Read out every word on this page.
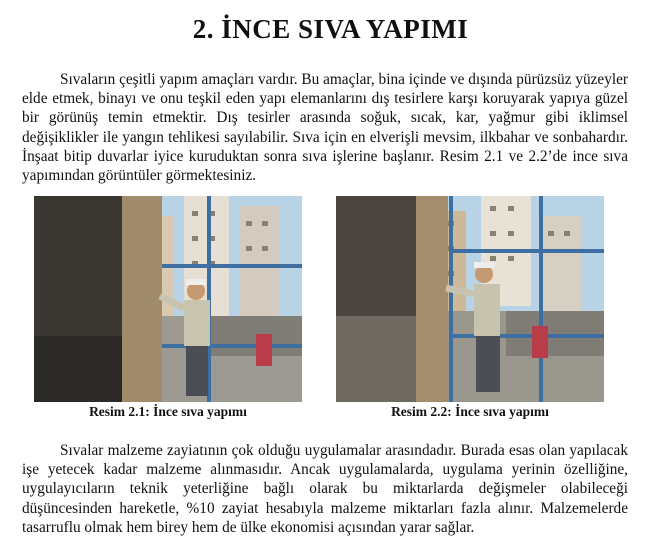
2. İNCE SIVA YAPIMI

Sıvaların çeşitli yapım amaçları vardır. Bu amaçlar, bina içinde ve dışında pürüzsüz yüzeyler elde etmek, binayı ve onu teşkil eden yapı elemanlarını dış tesirlere karşı koruyarak yapıya güzel bir görünüş temin etmektir. Dış tesirler arasında soğuk, sıcak, kar, yağmur gibi iklimsel değişiklikler ile yangın tehlikesi sayılabilir. Sıva için en elverişli mevsim, ilkbahar ve sonbahardır. İnşaat bitip duvarlar iyice kuruduktan sonra sıva işlerine başlanır. Resim 2.1 ve 2.2’de ince sıva yapımından görüntüler görmektesiniz.

Resim 2.1: İnce sıva yapımı	Resim 2.2: İnce sıva yapımı

Sıvalar malzeme zayiatının çok olduğu uygulamalar arasındadır. Burada esas olan yapılacak işe yetecek kadar malzeme alınmasıdır. Ancak uygulamalarda, uygulama yerinin özelliğine, uygulayıcıların teknik yeterliğine bağlı olarak bu miktarlarda değişmeler olabileceği düşüncesinden hareketle, %10 zayiat hesabıyla malzeme miktarları fazla alınır. Malzemelerde tasarruflu olmak hem birey hem de ülke ekonomisi açısından yarar sağlar.
